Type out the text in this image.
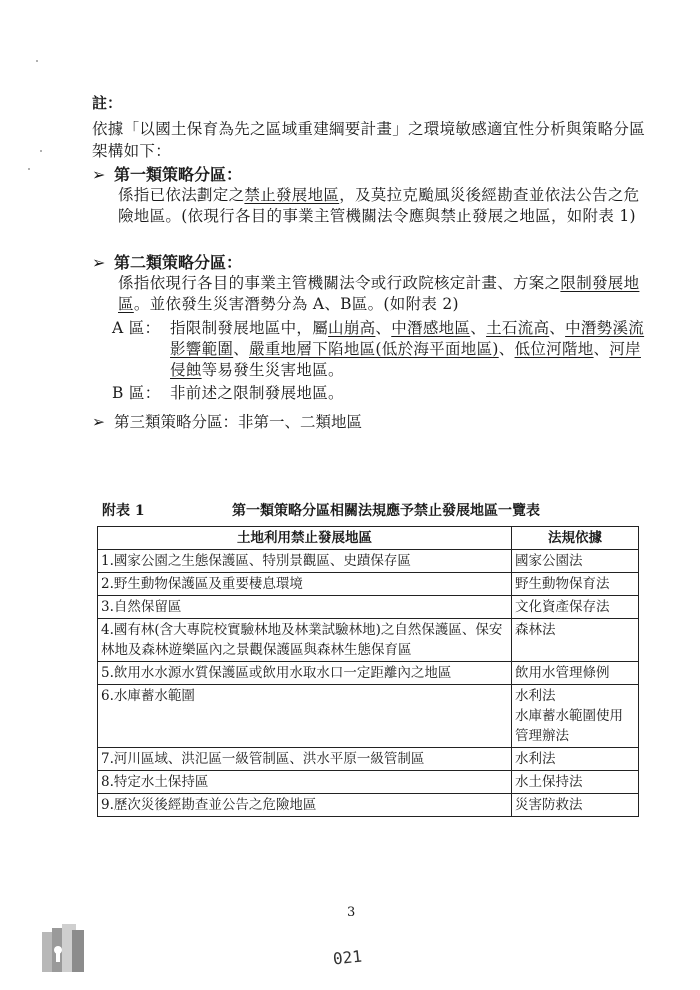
註：
依據「以國土保育為先之區域重建綱要計畫」之環境敏感適宜性分析與策略分區架構如下：
➢ 第一類策略分區：
係指已依法劃定之禁止發展地區，及莫拉克颱風災後經勘查並依法公告之危險地區。(依現行各目的事業主管機關法令應與禁止發展之地區，如附表 1)
➢ 第二類策略分區：
係指依現行各目的事業主管機關法令或行政院核定計畫、方案之限制發展地區。並依發生災害潛勢分為 A、B區。(如附表 2)
A 區： 指限制發展地區中，屬山崩高、中潛感地區、土石流高、中潛勢溪流影響範圍、嚴重地層下陷地區(低於海平面地區)、低位河階地、河岸侵蝕等易發生災害地區。
B 區： 非前述之限制發展地區。
➢ 第三類策略分區：非第一、二類地區
附表 1	第一類策略分區相關法規應予禁止發展地區一覽表
土地利用禁止發展地區	法規依據
1.國家公園之生態保護區、特別景觀區、史蹟保存區	國家公園法
2.野生動物保護區及重要棲息環境	野生動物保育法
3.自然保留區	文化資產保存法
4.國有林(含大專院校實驗林地及林業試驗林地)之自然保護區、保安林地及森林遊樂區內之景觀保護區與森林生態保育區	森林法
5.飲用水水源水質保護區或飲用水取水口一定距離內之地區	飲用水管理條例
6.水庫蓄水範圍	水利法
水庫蓄水範圍使用管理辦法
7.河川區域、洪氾區一級管制區、洪水平原一級管制區	水利法
8.特定水土保持區	水土保持法
9.歷次災後經勘查並公告之危險地區	災害防救法
3
021
